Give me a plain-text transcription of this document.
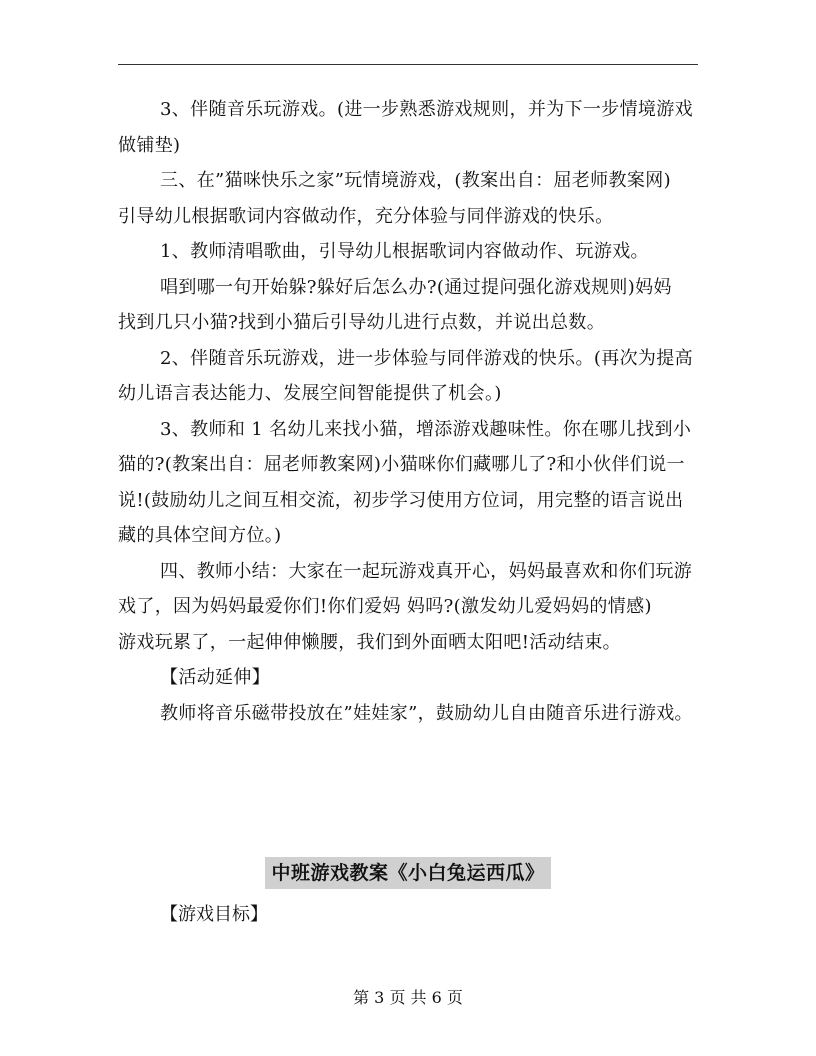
3、伴随音乐玩游戏。(进一步熟悉游戏规则，并为下一步情境游戏

做铺垫)

三、在”猫咪快乐之家”玩情境游戏，(教案出自：屈老师教案网)

引导幼儿根据歌词内容做动作，充分体验与同伴游戏的快乐。

1、教师清唱歌曲，引导幼儿根据歌词内容做动作、玩游戏。

唱到哪一句开始躲?躲好后怎么办?(通过提问强化游戏规则)妈妈

找到几只小猫?找到小猫后引导幼儿进行点数，并说出总数。

2、伴随音乐玩游戏，进一步体验与同伴游戏的快乐。(再次为提高

幼儿语言表达能力、发展空间智能提供了机会。)

3、教师和 1 名幼儿来找小猫，增添游戏趣味性。你在哪儿找到小

猫的?(教案出自：屈老师教案网)小猫咪你们藏哪儿了?和小伙伴们说一

说!(鼓励幼儿之间互相交流，初步学习使用方位词，用完整的语言说出

藏的具体空间方位。)

四、教师小结：大家在一起玩游戏真开心，妈妈最喜欢和你们玩游

戏了，因为妈妈最爱你们!你们爱妈 妈吗?(激发幼儿爱妈妈的情感)

游戏玩累了，一起伸伸懒腰，我们到外面晒太阳吧!活动结束。

【活动延伸】

教师将音乐磁带投放在”娃娃家”，鼓励幼儿自由随音乐进行游戏。

中班游戏教案《小白兔运西瓜》

【游戏目标】

第 3 页 共 6 页
